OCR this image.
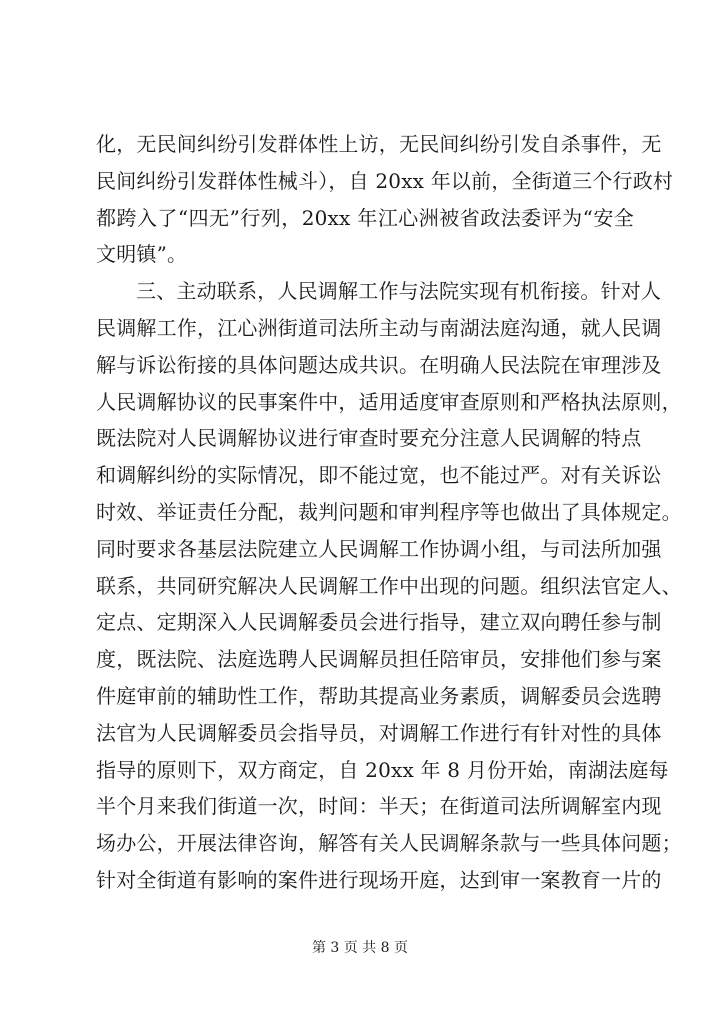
化，无民间纠纷引发群体性上访，无民间纠纷引发自杀事件，无
民间纠纷引发群体性械斗），自 20xx 年以前，全街道三个行政村
都跨入了“四无”行列，20xx 年江心洲被省政法委评为“安全
文明镇”。
三、主动联系，人民调解工作与法院实现有机衔接。针对人
民调解工作，江心洲街道司法所主动与南湖法庭沟通，就人民调
解与诉讼衔接的具体问题达成共识。在明确人民法院在审理涉及
人民调解协议的民事案件中，适用适度审查原则和严格执法原则，
既法院对人民调解协议进行审查时要充分注意人民调解的特点
和调解纠纷的实际情况，即不能过宽，也不能过严。对有关诉讼
时效、举证责任分配，裁判问题和审判程序等也做出了具体规定。
同时要求各基层法院建立人民调解工作协调小组，与司法所加强
联系，共同研究解决人民调解工作中出现的问题。组织法官定人、
定点、定期深入人民调解委员会进行指导，建立双向聘任参与制
度，既法院、法庭选聘人民调解员担任陪审员，安排他们参与案
件庭审前的辅助性工作，帮助其提高业务素质，调解委员会选聘
法官为人民调解委员会指导员，对调解工作进行有针对性的具体
指导的原则下，双方商定，自 20xx 年 8 月份开始，南湖法庭每
半个月来我们街道一次，时间：半天；在街道司法所调解室内现
场办公，开展法律咨询，解答有关人民调解条款与一些具体问题；
针对全街道有影响的案件进行现场开庭，达到审一案教育一片的
第 3 页 共 8 页
